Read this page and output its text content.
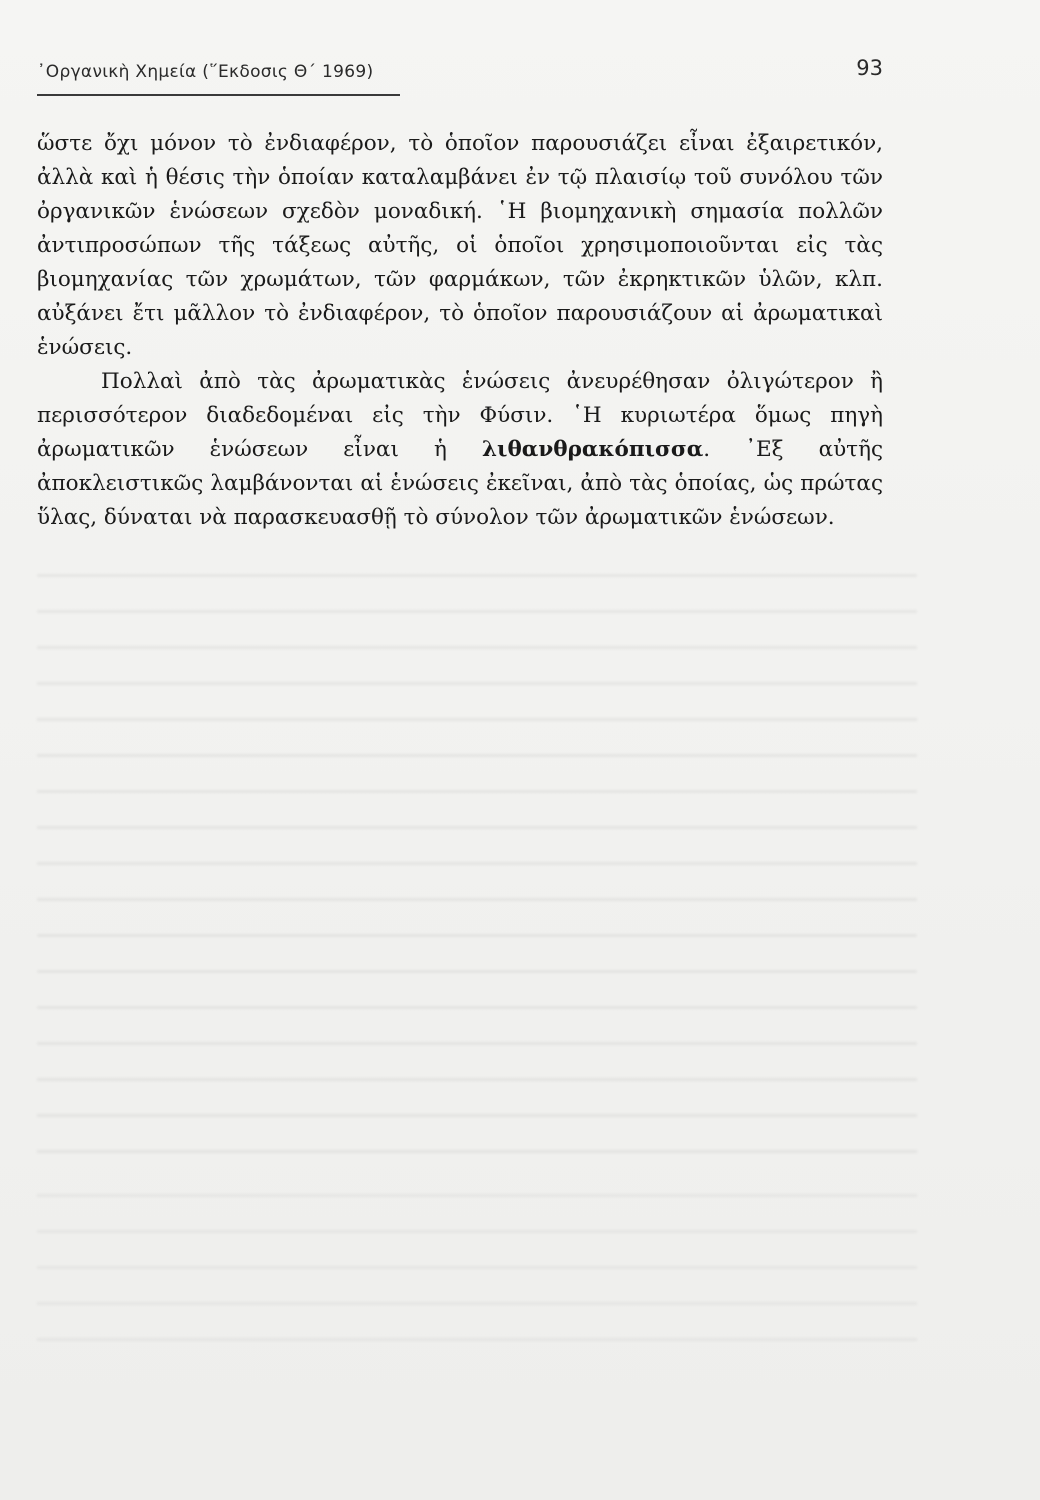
᾿Οργανικὴ Χημεία (῞Εκδοσις Θ´ 1969)	93

ὥστε ὄχι μόνον τὸ ἐνδιαφέρον, τὸ ὁποῖον παρουσιάζει εἶναι ἐξαιρετικόν, ἀλλὰ καὶ ἡ θέσις τὴν ὁποίαν καταλαμβάνει ἐν τῷ πλαισίῳ τοῦ συνόλου τῶν ὀργανικῶν ἑνώσεων σχεδὸν μοναδική. ῾Η βιομηχανικὴ σημασία πολλῶν ἀντιπροσώπων τῆς τάξεως αὐτῆς, οἱ ὁποῖοι χρησιμοποιοῦνται εἰς τὰς βιομηχανίας τῶν χρωμάτων, τῶν φαρμάκων, τῶν ἐκρηκτικῶν ὑλῶν, κλπ. αὐξάνει ἔτι μᾶλλον τὸ ἐνδιαφέρον, τὸ ὁποῖον παρουσιάζουν αἱ ἀρωματικαὶ ἑνώσεις.

Πολλαὶ ἀπὸ τὰς ἀρωματικὰς ἑνώσεις ἀνευρέθησαν ὀλιγώτερον ἢ περισσότερον διαδεδομέναι εἰς τὴν Φύσιν. ῾Η κυριωτέρα ὅμως πηγὴ ἀρωματικῶν ἑνώσεων εἶναι ἡ λιθανθρακόπισσα. ᾿Εξ αὐτῆς ἀποκλειστικῶς λαμβάνονται αἱ ἑνώσεις ἐκεῖναι, ἀπὸ τὰς ὁποίας, ὡς πρώτας ὕλας, δύναται νὰ παρασκευασθῇ τὸ σύνολον τῶν ἀρωματικῶν ἑνώσεων.
